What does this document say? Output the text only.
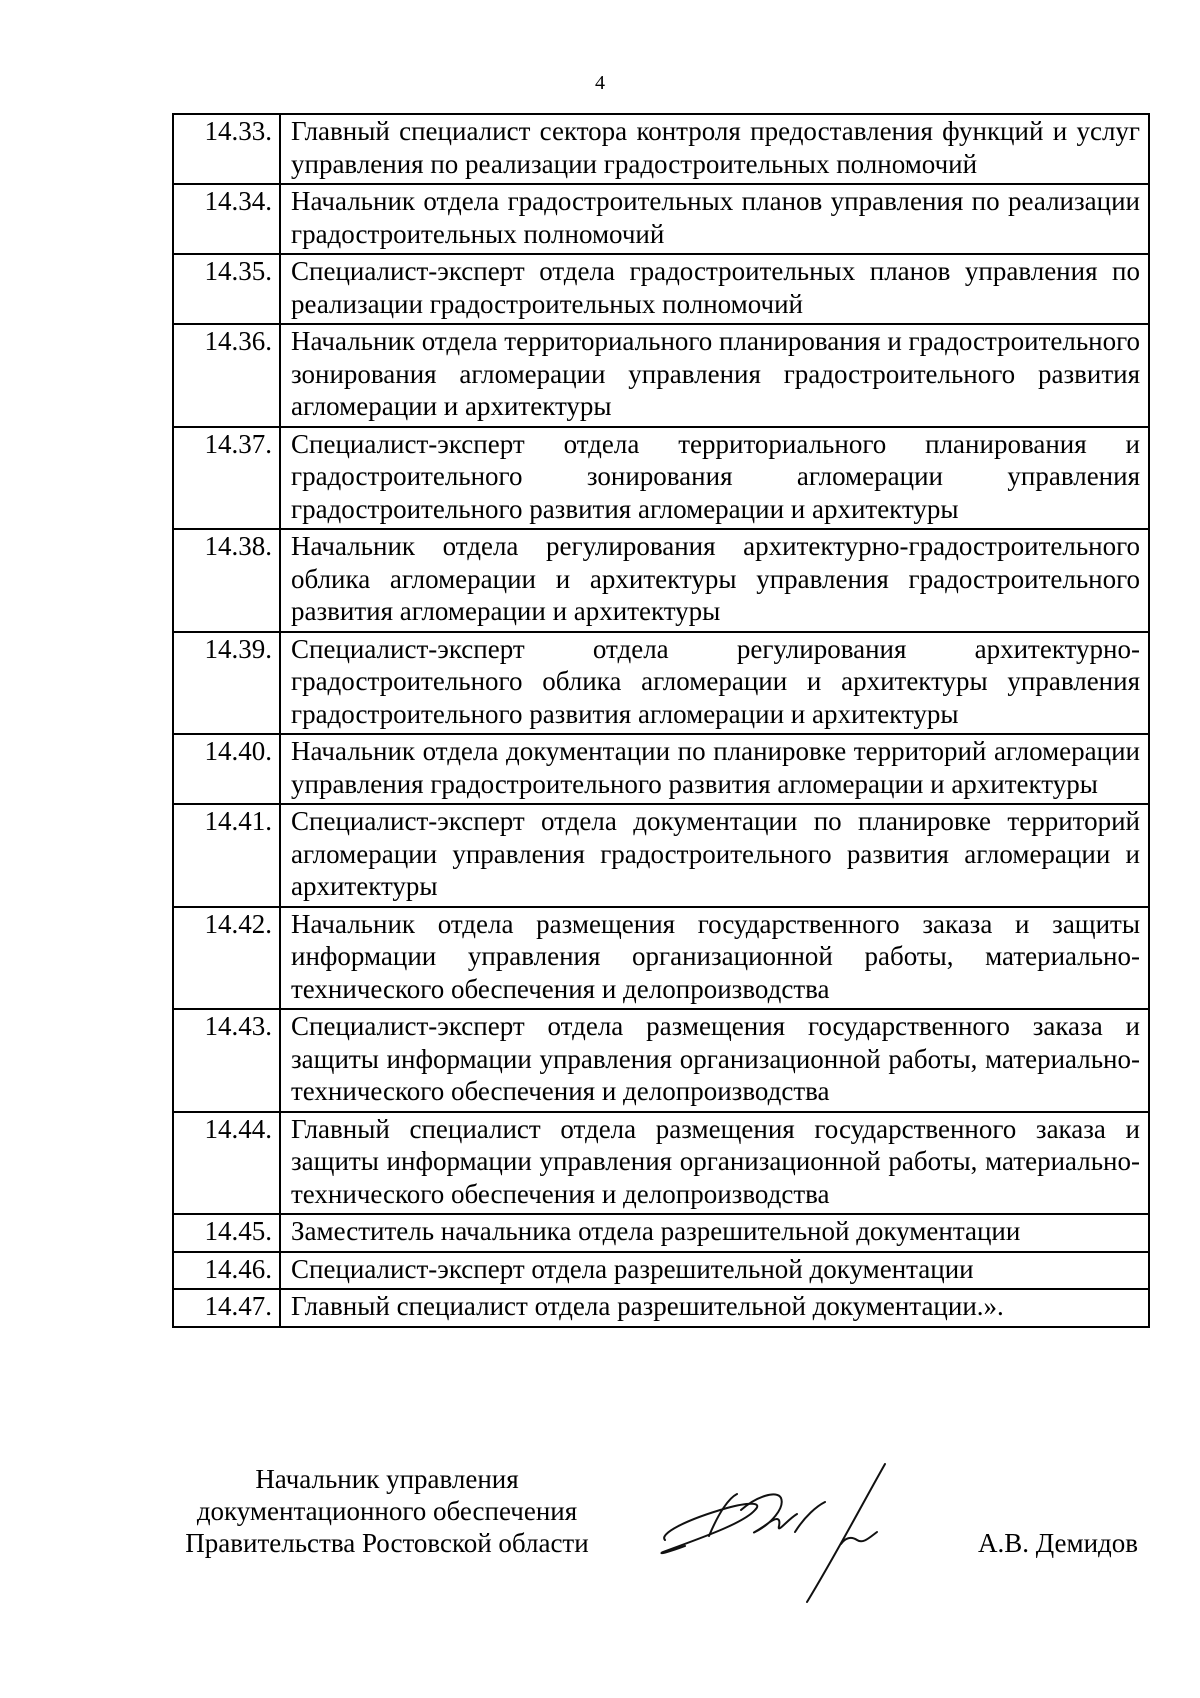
4
14.33.	Главный специалист сектора контроля предоставления функций и услуг управления по реализации градостроительных полномочий
14.34.	Начальник отдела градостроительных планов управления по реализации градостроительных полномочий
14.35.	Специалист-эксперт отдела градостроительных планов управления по реализации градостроительных полномочий
14.36.	Начальник отдела территориального планирования и градостроительного зонирования агломерации управления градостроительного развития агломерации и архитектуры
14.37.	Специалист-эксперт отдела территориального планирования и градостроительного зонирования агломерации управления градостроительного развития агломерации и архитектуры
14.38.	Начальник отдела регулирования архитектурно-градостроительного облика агломерации и архитектуры управления градостроительного развития агломерации и архитектуры
14.39.	Специалист-эксперт отдела регулирования архитектурно-градостроительного облика агломерации и архитектуры управления градостроительного развития агломерации и архитектуры
14.40.	Начальник отдела документации по планировке территорий агломерации управления градостроительного развития агломерации и архитектуры
14.41.	Специалист-эксперт отдела документации по планировке территорий агломерации управления градостроительного развития агломерации и архитектуры
14.42.	Начальник отдела размещения государственного заказа и защиты информации управления организационной работы, материально-технического обеспечения и делопроизводства
14.43.	Специалист-эксперт отдела размещения государственного заказа и защиты информации управления организационной работы, материально-технического обеспечения и делопроизводства
14.44.	Главный специалист отдела размещения государственного заказа и защиты информации управления организационной работы, материально-технического обеспечения и делопроизводства
14.45.	Заместитель начальника отдела разрешительной документации
14.46.	Специалист-эксперт отдела разрешительной документации
14.47.	Главный специалист отдела разрешительной документации.».
Начальник управления
документационного обеспечения
Правительства Ростовской области	А.В. Демидов
